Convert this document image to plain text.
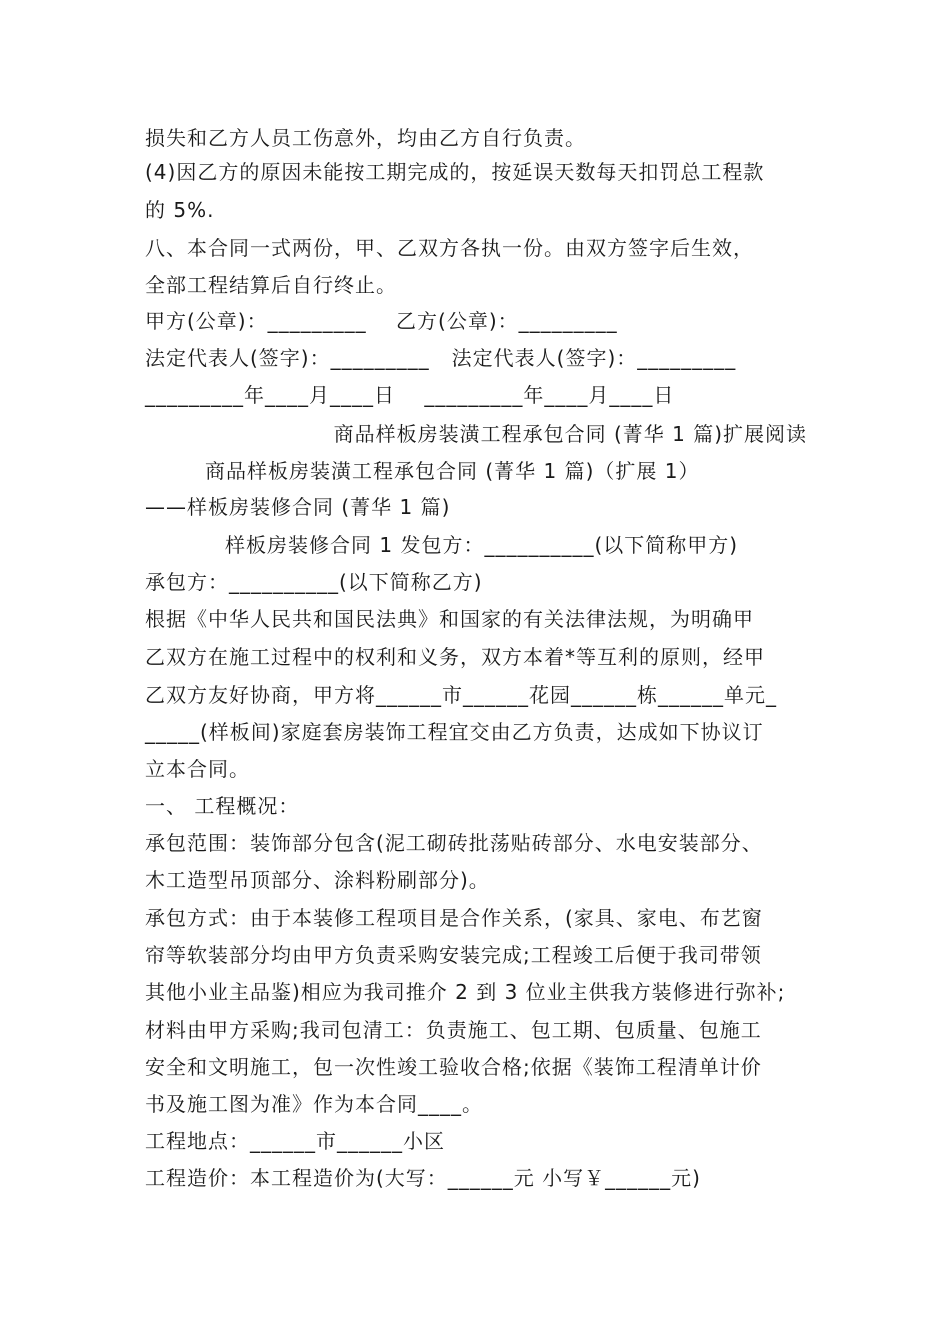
损失和乙方人员工伤意外，均由乙方自行负责。
(4)因乙方的原因未能按工期完成的，按延误天数每天扣罚总工程款
的 5%.
八、本合同一式两份，甲、乙双方各执一份。由双方签字后生效，
全部工程结算后自行终止。
甲方(公章)：_________    乙方(公章)：_________
法定代表人(签字)：_________   法定代表人(签字)：_________
_________年____月____日    _________年____月____日
商品样板房装潢工程承包合同 (菁华 1 篇)扩展阅读
商品样板房装潢工程承包合同 (菁华 1 篇)（扩展 1）
——样板房装修合同 (菁华 1 篇)
样板房装修合同 1 发包方：__________(以下简称甲方)
承包方：__________(以下简称乙方)
根据《中华人民共和国民法典》和国家的有关法律法规，为明确甲
乙双方在施工过程中的权利和义务，双方本着*等互利的原则，经甲
乙双方友好协商，甲方将______市______花园______栋______单元_
_____(样板间)家庭套房装饰工程宜交由乙方负责，达成如下协议订
立本合同。
一、 工程概况：
承包范围：装饰部分包含(泥工砌砖批荡贴砖部分、水电安装部分、
木工造型吊顶部分、涂料粉刷部分)。
承包方式：由于本装修工程项目是合作关系，(家具、家电、布艺窗
帘等软装部分均由甲方负责采购安装完成;工程竣工后便于我司带领
其他小业主品鉴)相应为我司推介 2 到 3 位业主供我方装修进行弥补;
材料由甲方采购;我司包清工：负责施工、包工期、包质量、包施工
安全和文明施工，包一次性竣工验收合格;依据《装饰工程清单计价
书及施工图为准》作为本合同____。
工程地点：______市______小区
工程造价：本工程造价为(大写：______元 小写￥______元)
